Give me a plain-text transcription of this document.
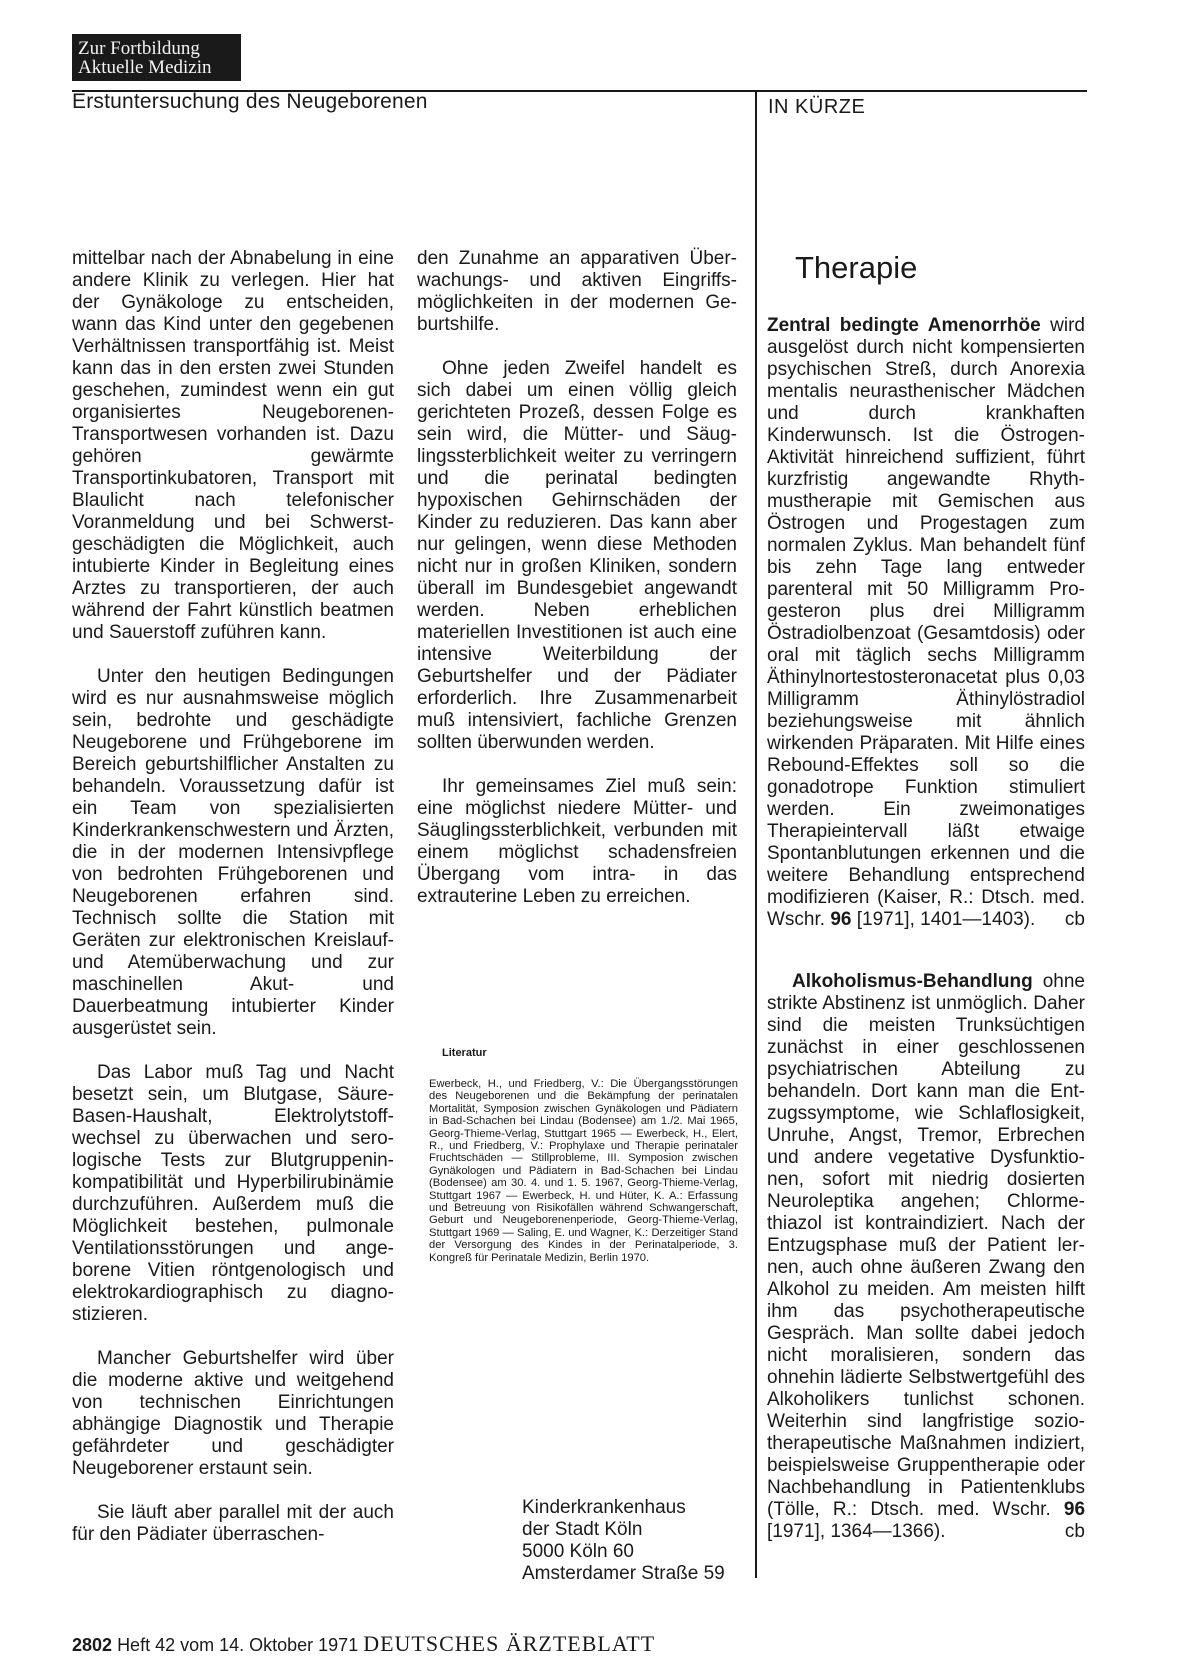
Zur Fortbildung
Aktuelle Medizin
Erstuntersuchung des Neugeborenen	IN KÜRZE

mittelbar nach der Abnabelung in eine andere Klinik zu verlegen. Hier hat der Gynäkologe zu entscheiden, wann das Kind unter den gegebenen Verhältnissen transportfähig ist. Meist kann das in den ersten zwei Stunden geschehen, zumindest wenn ein gut organisiertes Neugeborenen-Transportwesen vorhanden ist. Dazu gehören gewärmte Transportinkubatoren, Transport mit Blaulicht nach telefonischer Voranmeldung und bei Schwerstgeschädigten die Möglichkeit, auch intubierte Kinder in Begleitung eines Arztes zu transportieren, der auch während der Fahrt künstlich beatmen und Sauerstoff zuführen kann.

Unter den heutigen Bedingungen wird es nur ausnahmsweise möglich sein, bedrohte und geschädigte Neugeborene und Frühgeborene im Bereich geburtshilflicher Anstalten zu behandeln. Voraussetzung dafür ist ein Team von spezialisierten Kinderkrankenschwestern und Ärzten, die in der modernen Intensivpflege von bedrohten Frühgeborenen und Neugeborenen erfahren sind. Technisch sollte die Station mit Geräten zur elektronischen Kreislauf- und Atemüberwachung und zur maschinellen Akut- und Dauerbeatmung intubierter Kinder ausgerüstet sein.

Das Labor muß Tag und Nacht besetzt sein, um Blutgase, Säure-Basen-Haushalt, Elektrolytstoffwechsel zu überwachen und serologische Tests zur Blutgruppeninkompatibilität und Hyperbilirubinämie durchzuführen. Außerdem muß die Möglichkeit bestehen, pulmonale Ventilationsstörungen und angeborene Vitien röntgenologisch und elektrokardiographisch zu diagnostizieren.

Mancher Geburtshelfer wird über die moderne aktive und weitgehend von technischen Einrichtungen abhängige Diagnostik und Therapie gefährdeter und geschädigter Neugeborener erstaunt sein.

Sie läuft aber parallel mit der auch für den Pädiater überraschen-

den Zunahme an apparativen Überwachungs- und aktiven Eingriffsmöglichkeiten in der modernen Geburtshilfe.

Ohne jeden Zweifel handelt es sich dabei um einen völlig gleich gerichteten Prozeß, dessen Folge es sein wird, die Mütter- und Säuglingssterblichkeit weiter zu verringern und die perinatal bedingten hypoxischen Gehirnschäden der Kinder zu reduzieren. Das kann aber nur gelingen, wenn diese Methoden nicht nur in großen Kliniken, sondern überall im Bundesgebiet angewandt werden. Neben erheblichen materiellen Investitionen ist auch eine intensive Weiterbildung der Geburtshelfer und der Pädiater erforderlich. Ihre Zusammenarbeit muß intensiviert, fachliche Grenzen sollten überwunden werden.

Ihr gemeinsames Ziel muß sein: eine möglichst niedere Mütter- und Säuglingssterblichkeit, verbunden mit einem möglichst schadensfreien Übergang vom intra- in das extrauterine Leben zu erreichen.

Literatur
Ewerbeck, H., und Friedberg, V.: Die Übergangsstörungen des Neugeborenen und die Bekämpfung der perinatalen Mortalität, Symposion zwischen Gynäkologen und Pädiatern in Bad-Schachen bei Lindau (Bodensee) am 1./2. Mai 1965, Georg-Thieme-Verlag, Stuttgart 1965 — Ewerbeck, H., Elert, R., und Friedberg, V.: Prophylaxe und Therapie perinataler Fruchtschäden — Stillprobleme, III. Symposion zwischen Gynäkologen und Pädiatern in Bad-Schachen bei Lindau (Bodensee) am 30. 4. und 1. 5. 1967, Georg-Thieme-Verlag, Stuttgart 1967 — Ewerbeck, H. und Hüter, K. A.: Erfassung und Betreuung von Risikofällen während Schwangerschaft, Geburt und Neugeborenenperiode, Georg-Thieme-Verlag, Stuttgart 1969 — Saling, E. und Wagner, K.: Derzeitiger Stand der Versorgung des Kindes in der Perinatalperiode, 3. Kongreß für Perinatale Medizin, Berlin 1970.
Kinderkrankenhaus
der Stadt Köln
5000 Köln 60
Amsterdamer Straße 59
Therapie

Zentral bedingte Amenorrhöe wird ausgelöst durch nicht kompensierten psychischen Streß, durch Anorexia mentalis neurasthenischer Mädchen und durch krankhaften Kinderwunsch. Ist die Östrogen-Aktivität hinreichend suffizient, führt kurzfristig angewandte Rhythmustherapie mit Gemischen aus Östrogen und Progestagen zum normalen Zyklus. Man behandelt fünf bis zehn Tage lang entweder parenteral mit 50 Milligramm Progesteron plus drei Milligramm Östradiolbenzoat (Gesamtdosis) oder oral mit täglich sechs Milligramm Äthinylnortestosteronacetat plus 0,03 Milligramm Äthinylöstradiol beziehungsweise mit ähnlich wirkenden Präparaten. Mit Hilfe eines Rebound-Effektes soll so die gonadotrope Funktion stimuliert werden. Ein zweimonatiges Therapieintervall läßt etwaige Spontanblutungen erkennen und die weitere Behandlung entsprechend modifizieren (Kaiser, R.: Dtsch. med. Wschr. 96 [1971], 1401—1403). cb

Alkoholismus-Behandlung ohne strikte Abstinenz ist unmöglich. Daher sind die meisten Trunksüchtigen zunächst in einer geschlossenen psychiatrischen Abteilung zu behandeln. Dort kann man die Entzugssymptome, wie Schlaflosigkeit, Unruhe, Angst, Tremor, Erbrechen und andere vegetative Dysfunktionen, sofort mit niedrig dosierten Neuroleptika angehen; Chlormethiazol ist kontraindiziert. Nach der Entzugsphase muß der Patient lernen, auch ohne äußeren Zwang den Alkohol zu meiden. Am meisten hilft ihm das psychotherapeutische Gespräch. Man sollte dabei jedoch nicht moralisieren, sondern das ohnehin lädierte Selbstwertgefühl des Alkoholikers tunlichst schonen. Weiterhin sind langfristige soziotherapeutische Maßnahmen indiziert, beispielsweise Gruppentherapie oder Nachbehandlung in Patientenklubs (Tölle, R.: Dtsch. med. Wschr. 96 [1971], 1364—1366).	cb

2802 Heft 42 vom 14. Oktober 1971 DEUTSCHES ÄRZTEBLATT
